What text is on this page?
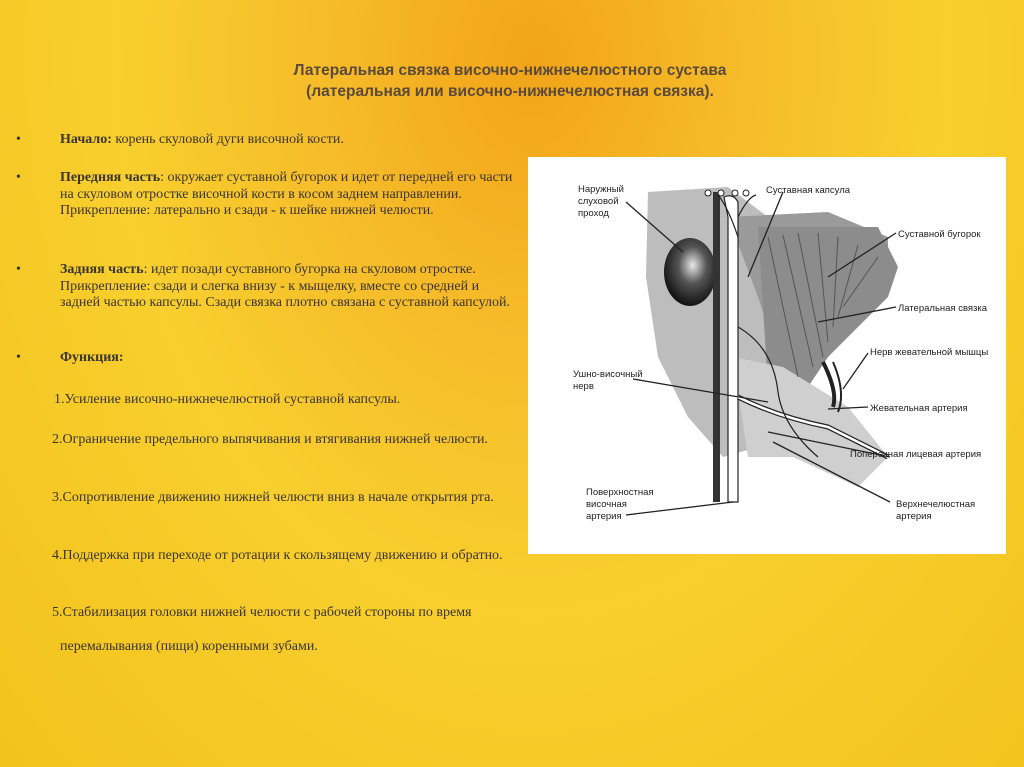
Латеральная связка височно-нижнечелюстного сустава
(латеральная или височно-нижнечелюстная связка).
•	Начало: корень скуловой дуги височной кости.
•	Передняя часть: окружает суставной бугорок и идет от передней его части на скуловом отростке височной кости в косом заднем направлении. Прикрепление: латерально и сзади - к шейке нижней челюсти.
•	Задняя часть: идет позади суставного бугорка на скуловом отростке. Прикрепление: сзади и слегка внизу - к мыщелку, вместе со средней и задней частью капсулы. Сзади связка плотно связана с суставной капсулой.
•	Функция:
1.Усиление височно-нижнечелюстной суставной капсулы.
2.Ограничение предельного выпячивания и втягивания нижней челюсти.
3.Сопротивление движению нижней челюсти вниз в начале открытия рта.
4.Поддержка при переходе от ротации к скользящему движению и обратно.
5.Стабилизация головки нижней челюсти с рабочей стороны по время
перемалывания (пищи) коренными зубами.
Наружный
слуховой
проход
Суставная капсула
Суставной бугорок
Латеральная связка
Нерв жевательной мышцы
Ушно-височный
нерв
Жевательная артерия
Поперечная лицевая артерия
Поверхностная
височная
артерия
Верхнечелюстная
артерия
